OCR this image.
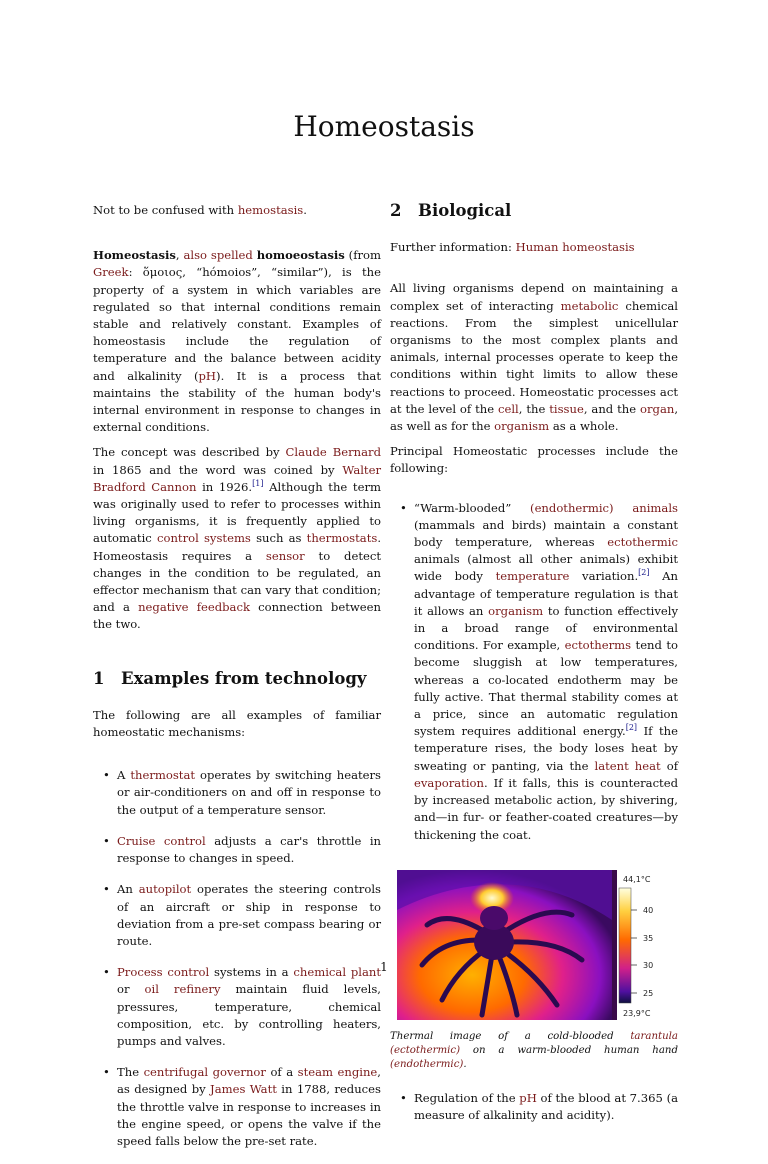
Homeostasis

Not to be confused with hemostasis.

Homeostasis, also spelled homoeostasis (from Greek: ὅμοιος, “hómoios”, “similar”), is the property of a system in which variables are regulated so that internal conditions remain stable and relatively constant. Examples of homeostasis include the regulation of temperature and the balance between acidity and alkalinity (pH). It is a process that maintains the stability of the human body's internal environment in response to changes in external conditions.

The concept was described by Claude Bernard in 1865 and the word was coined by Walter Bradford Cannon in 1926.[1] Although the term was originally used to refer to processes within living organisms, it is frequently applied to automatic control systems such as thermostats. Homeostasis requires a sensor to detect changes in the condition to be regulated, an effector mechanism that can vary that condition; and a negative feedback connection between the two.

1 Examples from technology

The following are all examples of familiar homeostatic mechanisms:

• A thermostat operates by switching heaters or air-conditioners on and off in response to the output of a temperature sensor.
• Cruise control adjusts a car's throttle in response to changes in speed.
• An autopilot operates the steering controls of an aircraft or ship in response to deviation from a pre-set compass bearing or route.
• Process control systems in a chemical plant or oil refinery maintain fluid levels, pressures, temperature, chemical composition, etc. by controlling heaters, pumps and valves.
• The centrifugal governor of a steam engine, as designed by James Watt in 1788, reduces the throttle valve in response to increases in the engine speed, or opens the valve if the speed falls below the pre-set rate.
2 Biological

Further information: Human homeostasis

All living organisms depend on maintaining a complex set of interacting metabolic chemical reactions. From the simplest unicellular organisms to the most complex plants and animals, internal processes operate to keep the conditions within tight limits to allow these reactions to proceed. Homeostatic processes act at the level of the cell, the tissue, and the organ, as well as for the organism as a whole.

Principal Homeostatic processes include the following:

• “Warm-blooded” (endothermic) animals (mammals and birds) maintain a constant body temperature, whereas ectothermic animals (almost all other animals) exhibit wide body temperature variation.[2] An advantage of temperature regulation is that it allows an organism to function effectively in a broad range of environmental conditions. For example, ectotherms tend to become sluggish at low temperatures, whereas a co-located endotherm may be fully active. That thermal stability comes at a price, since an automatic regulation system requires additional energy.[2] If the temperature rises, the body loses heat by sweating or panting, via the latent heat of evaporation. If it falls, this is counteracted by increased metabolic action, by shivering, and—in fur- or feather-coated creatures—by thickening the coat.
44,1°C
40
35
30
25
23,9°C

Thermal image of a cold-blooded tarantula (ectothermic) on a warm-blooded human hand (endothermic).

• Regulation of the pH of the blood at 7.365 (a measure of alkalinity and acidity).
1
